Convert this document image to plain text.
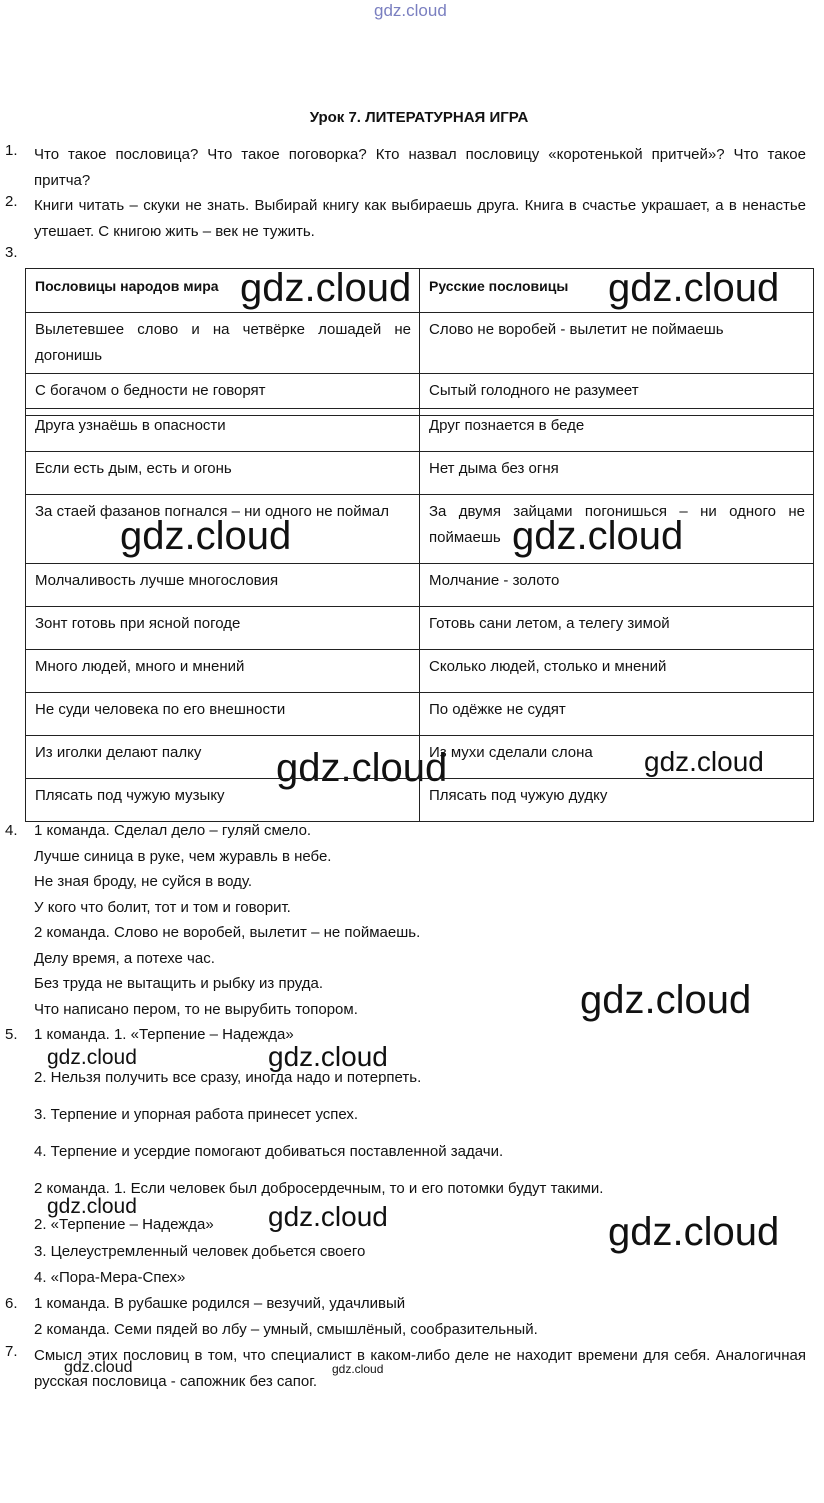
gdz.cloud
gdz.cloud	gdz.cloud
gdz.cloud	gdz.cloud
gdz.cloud	gdz.cloud
gdz.cloud
gdz.cloud	gdz.cloud
gdz.cloud	gdz.cloud	gdz.cloud
gdz.cloud	gdz.cloud
Урок 7. ЛИТЕРАТУРНАЯ ИГРА
1. Что такое пословица? Что такое поговорка? Кто назвал пословицу «коротенькой притчей»? Что такое притча?
2. Книги читать – скуки не знать. Выбирай книгу как выбираешь друга. Книга в счастье украшает, а в ненастье утешает. С книгою жить – век не тужить.
3.
Пословицы народов мира	Русские пословицы
Вылетевшее слово и на четвёрке лошадей не догонишь	Слово не воробей - вылетит не поймаешь
С богачом о бедности не говорят	Сытый голодного не разумеет
Друга узнаёшь в опасности	Друг познается в беде
Если есть дым, есть и огонь	Нет дыма без огня
За стаей фазанов погнался – ни одного не поймал	За двумя зайцами погонишься – ни одного не поймаешь
Молчаливость лучше многословия	Молчание - золото
Зонт готовь при ясной погоде	Готовь сани летом, а телегу зимой
Много людей, много и мнений	Сколько людей, столько и мнений
Не суди человека по его внешности	По одёжке не судят
Из иголки делают палку	Из мухи сделали слона
Плясать под чужую музыку	Плясать под чужую дудку
4. 1 команда. Сделал дело – гуляй смело.
Лучше синица в руке, чем журавль в небе.
Не зная броду, не суйся в воду.
У кого что болит, тот и том и говорит.
2 команда. Слово не воробей, вылетит – не поймаешь.
Делу время, а потехе час.
Без труда не вытащить и рыбку из пруда.
Что написано пером, то не вырубить топором.
5. 1 команда. 1. «Терпение – Надежда»
2. Нельзя получить все сразу, иногда надо и потерпеть.
3. Терпение и упорная работа принесет успех.
4. Терпение и усердие помогают добиваться поставленной задачи.
2 команда. 1. Если человек был добросердечным, то и его потомки будут такими.
2. «Терпение – Надежда»
3. Целеустремленный человек добьется своего
4. «Пора-Мера-Спех»
6. 1 команда. В рубашке родился – везучий, удачливый
2 команда. Семи пядей во лбу – умный, смышлёный, сообразительный.
7. Смысл этих пословиц в том, что специалист в каком-либо деле не находит времени для себя. Аналогичная русская пословица - сапожник без сапог.
